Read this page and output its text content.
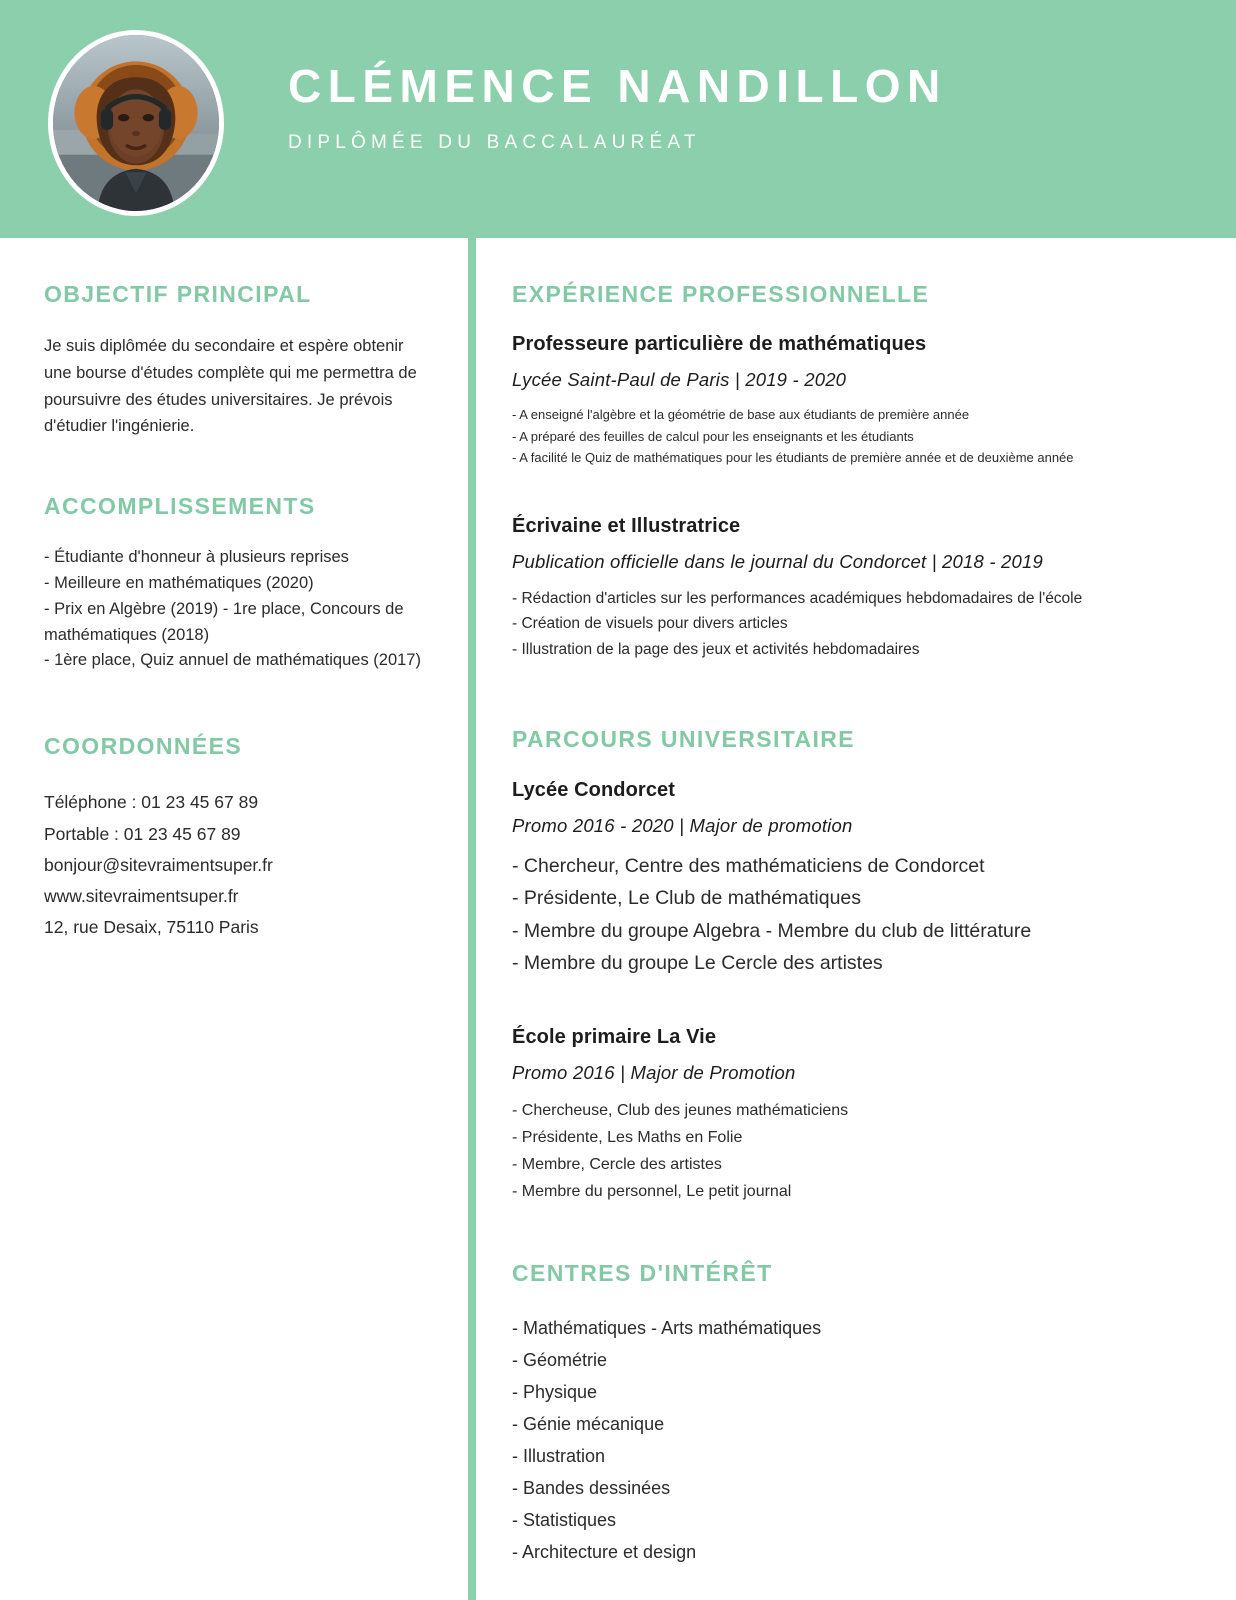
CLÉMENCE NANDILLON
DIPLÔMÉE DU BACCALAURÉAT
OBJECTIF PRINCIPAL

Je suis diplômée du secondaire et espère obtenir une bourse d'études complète qui me permettra de poursuivre des études universitaires. Je prévois d'étudier l'ingénierie.

ACCOMPLISSEMENTS
- Étudiante d'honneur à plusieurs reprises
- Meilleure en mathématiques (2020)
- Prix en Algèbre (2019) - 1re place, Concours de mathématiques (2018)
- 1ère place, Quiz annuel de mathématiques (2017)
COORDONNÉES
Téléphone : 01 23 45 67 89
Portable : 01 23 45 67 89
bonjour@sitevraimentsuper.fr
www.sitevraimentsuper.fr
12, rue Desaix, 75110 Paris
EXPÉRIENCE PROFESSIONNELLE
Professeure particulière de mathématiques
Lycée Saint-Paul de Paris | 2019 - 2020
- A enseigné l'algèbre et la géométrie de base aux étudiants de première année
- A préparé des feuilles de calcul pour les enseignants et les étudiants
- A facilité le Quiz de mathématiques pour les étudiants de première année et de deuxième année
Écrivaine et Illustratrice
Publication officielle dans le journal du Condorcet | 2018 - 2019
- Rédaction d'articles sur les performances académiques hebdomadaires de l'école
- Création de visuels pour divers articles
- Illustration de la page des jeux et activités hebdomadaires
PARCOURS UNIVERSITAIRE
Lycée Condorcet
Promo 2016 - 2020 | Major de promotion
- Chercheur, Centre des mathématiciens de Condorcet
- Présidente, Le Club de mathématiques
- Membre du groupe Algebra - Membre du club de littérature
- Membre du groupe Le Cercle des artistes
École primaire La Vie
Promo 2016 | Major de Promotion
- Chercheuse, Club des jeunes mathématiciens
- Présidente, Les Maths en Folie
- Membre, Cercle des artistes
- Membre du personnel, Le petit journal
CENTRES D'INTÉRÊT
- Mathématiques - Arts mathématiques
- Géométrie
- Physique
- Génie mécanique
- Illustration
- Bandes dessinées
- Statistiques
- Architecture et design
